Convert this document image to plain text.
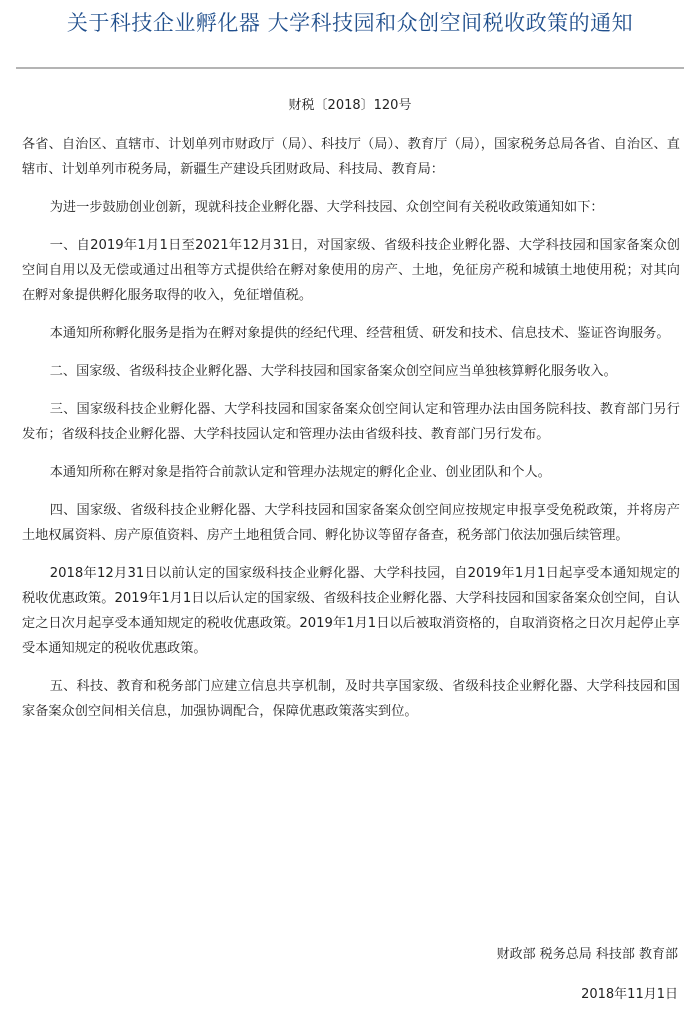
关于科技企业孵化器 大学科技园和众创空间税收政策的通知
财税〔2018〕120号

各省、自治区、直辖市、计划单列市财政厅（局）、科技厅（局）、教育厅（局），国家税务总局各省、自治区、直辖市、计划单列市税务局，新疆生产建设兵团财政局、科技局、教育局：

为进一步鼓励创业创新，现就科技企业孵化器、大学科技园、众创空间有关税收政策通知如下：

一、自2019年1月1日至2021年12月31日，对国家级、省级科技企业孵化器、大学科技园和国家备案众创空间自用以及无偿或通过出租等方式提供给在孵对象使用的房产、土地，免征房产税和城镇土地使用税；对其向在孵对象提供孵化服务取得的收入，免征增值税。

本通知所称孵化服务是指为在孵对象提供的经纪代理、经营租赁、研发和技术、信息技术、鉴证咨询服务。

二、国家级、省级科技企业孵化器、大学科技园和国家备案众创空间应当单独核算孵化服务收入。

三、国家级科技企业孵化器、大学科技园和国家备案众创空间认定和管理办法由国务院科技、教育部门另行发布；省级科技企业孵化器、大学科技园认定和管理办法由省级科技、教育部门另行发布。

本通知所称在孵对象是指符合前款认定和管理办法规定的孵化企业、创业团队和个人。

四、国家级、省级科技企业孵化器、大学科技园和国家备案众创空间应按规定申报享受免税政策，并将房产土地权属资料、房产原值资料、房产土地租赁合同、孵化协议等留存备查，税务部门依法加强后续管理。

2018年12月31日以前认定的国家级科技企业孵化器、大学科技园，自2019年1月1日起享受本通知规定的税收优惠政策。2019年1月1日以后认定的国家级、省级科技企业孵化器、大学科技园和国家备案众创空间，自认定之日次月起享受本通知规定的税收优惠政策。2019年1月1日以后被取消资格的，自取消资格之日次月起停止享受本通知规定的税收优惠政策。

五、科技、教育和税务部门应建立信息共享机制，及时共享国家级、省级科技企业孵化器、大学科技园和国家备案众创空间相关信息，加强协调配合，保障优惠政策落实到位。

财政部 税务总局 科技部 教育部
2018年11月1日
